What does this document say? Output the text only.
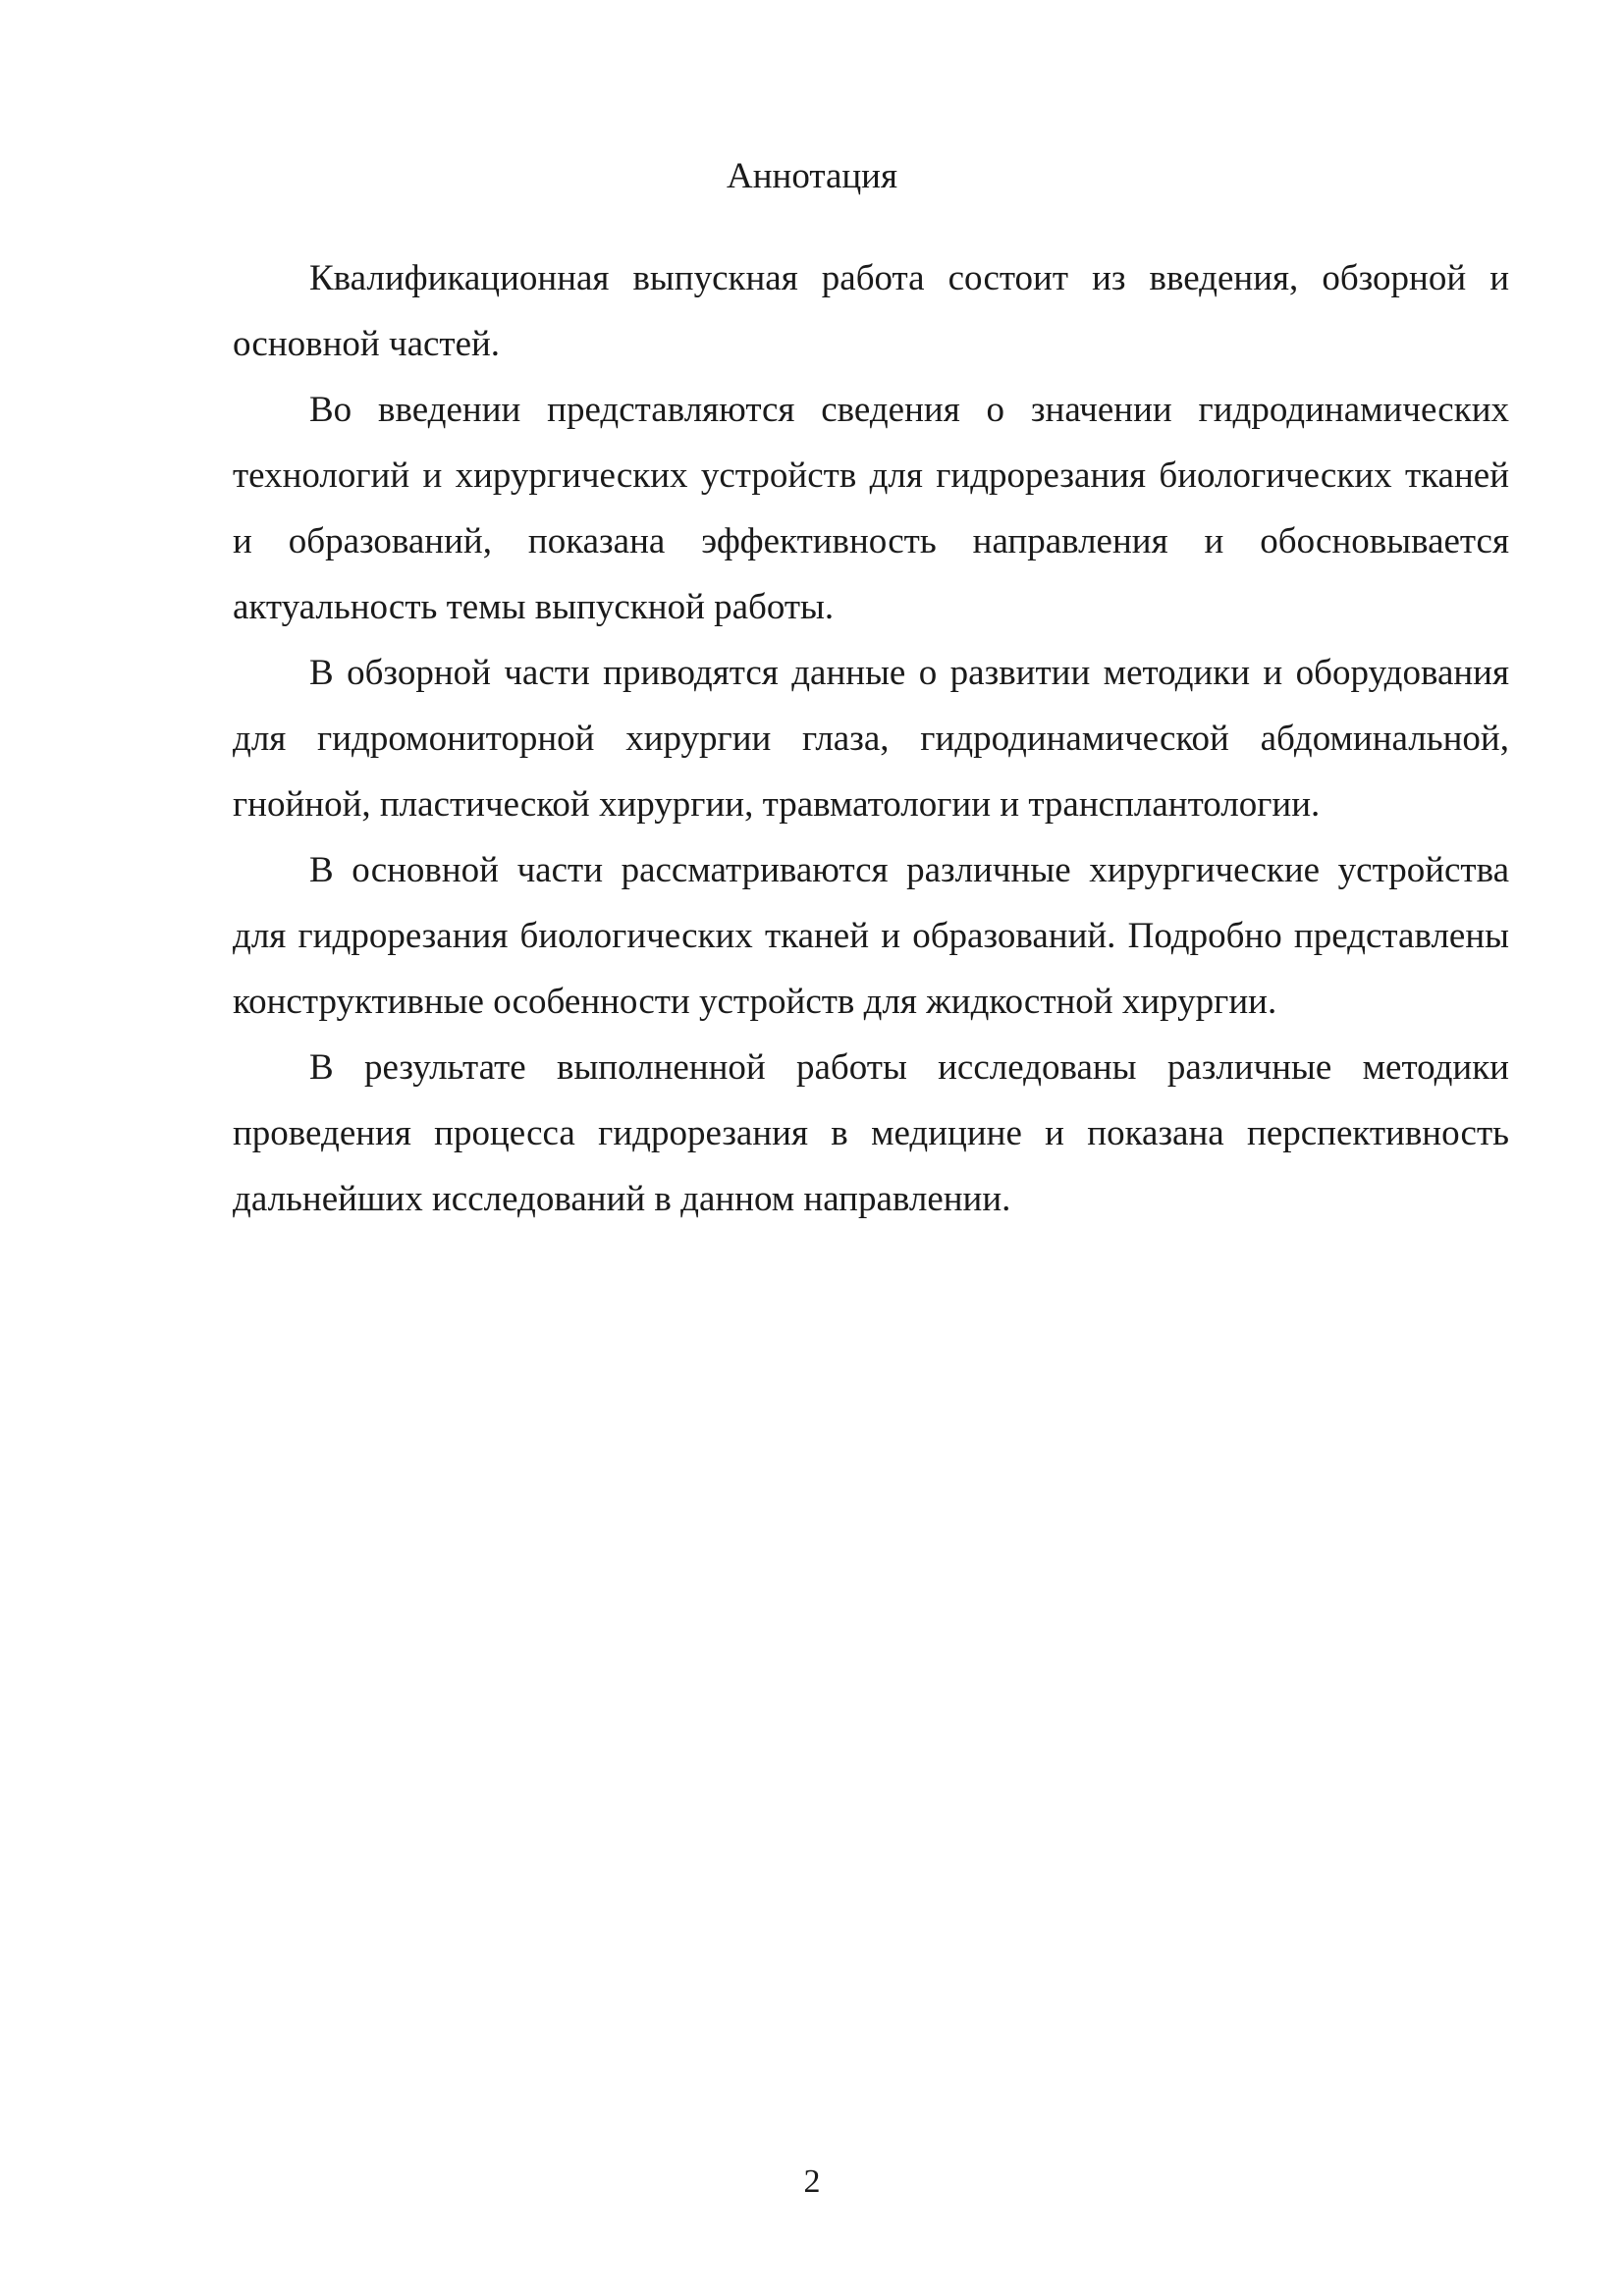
Аннотация

Квалификационная выпускная работа состоит из введения, обзорной и основной частей.

Во введении представляются сведения о значении гидродинамических технологий и хирургических устройств для гидрорезания биологических тканей и образований, показана эффективность направления и обосновывается актуальность темы выпускной работы.

В обзорной части приводятся данные о развитии методики и оборудования для гидромониторной хирургии глаза, гидродинамической абдоминальной, гнойной, пластической хирургии, травматологии и трансплантологии.

В основной части рассматриваются различные хирургические устройства для гидрорезания биологических тканей и образований. Подробно представлены конструктивные особенности устройств для жидкостной хирургии.

В результате выполненной работы исследованы различные методики проведения процесса гидрорезания в медицине и показана перспективность дальнейших исследований в данном направлении.

2
